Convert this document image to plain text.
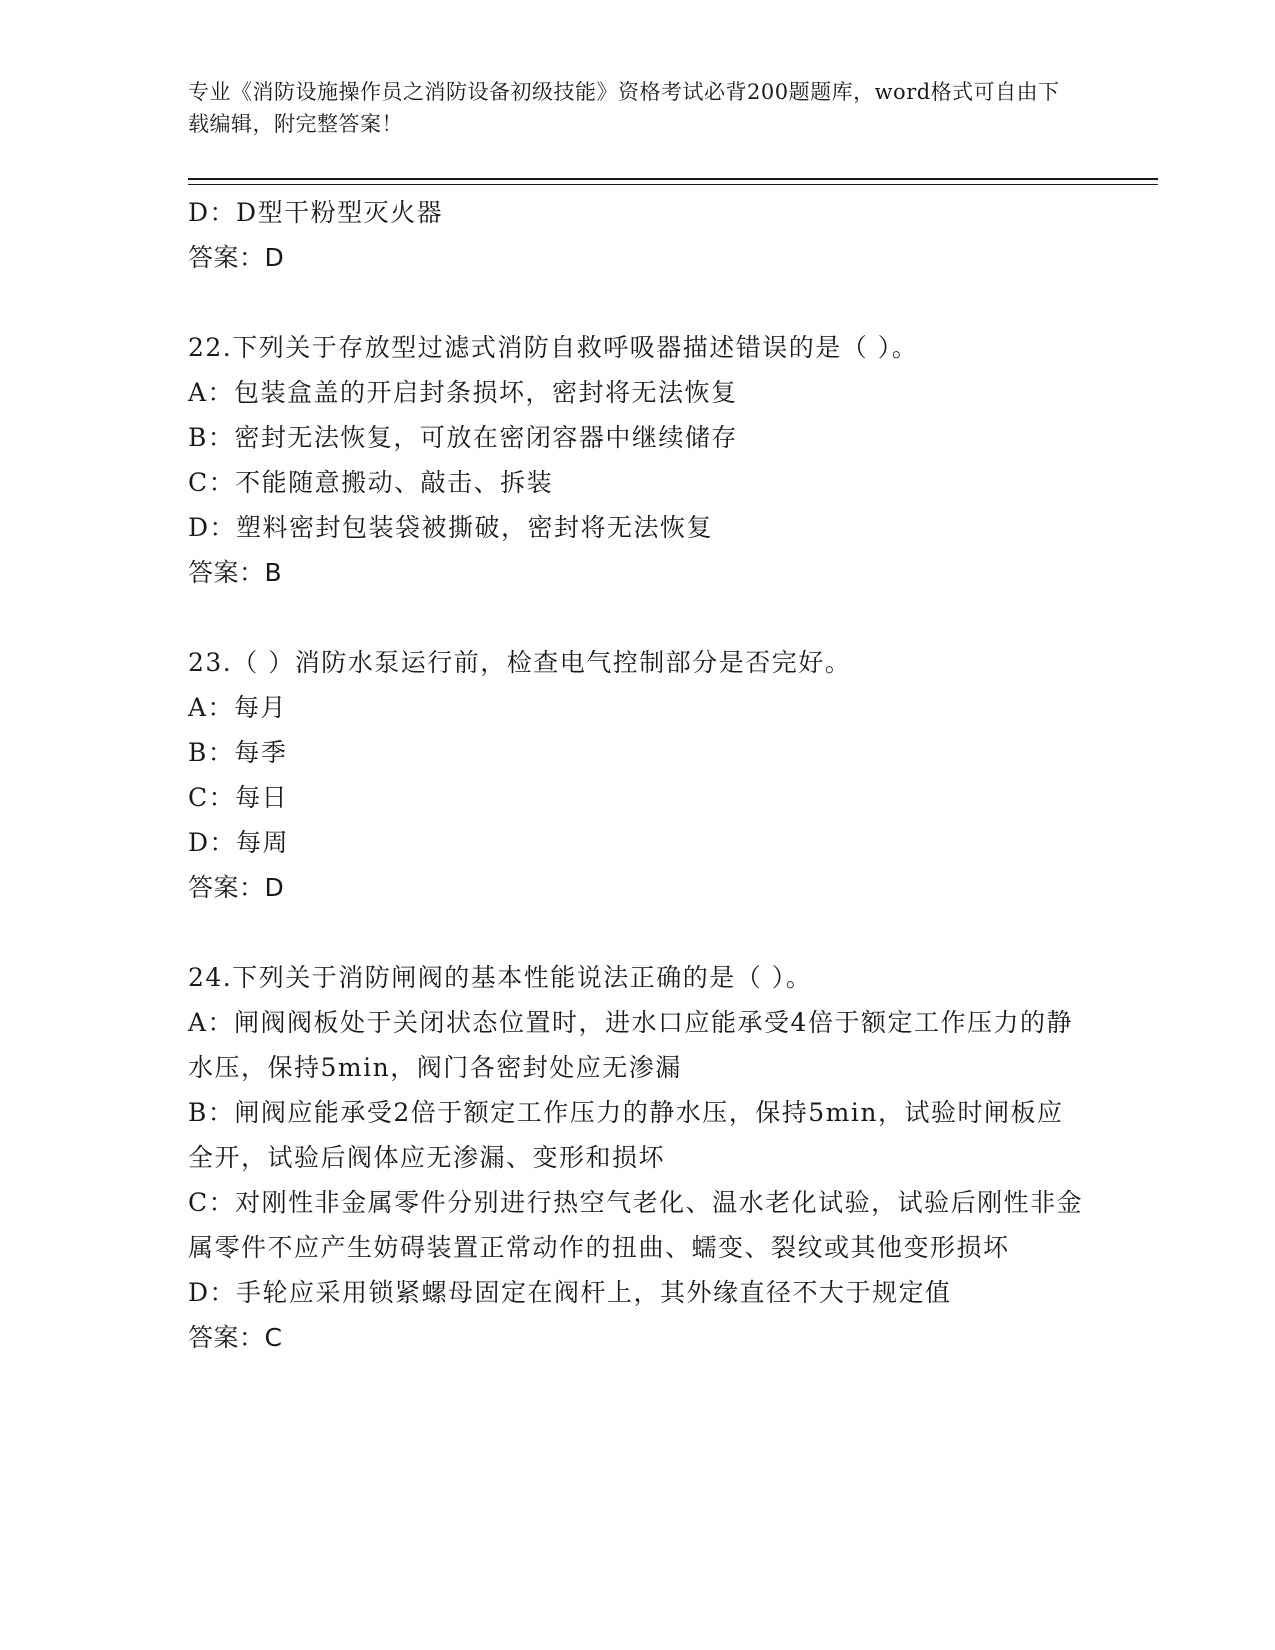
专业《消防设施操作员之消防设备初级技能》资格考试必背200题题库，word格式可自由下载编辑，附完整答案！
D：D型干粉型灭火器
答案：D
22.下列关于存放型过滤式消防自救呼吸器描述错误的是（ ）。
A：包装盒盖的开启封条损坏，密封将无法恢复
B：密封无法恢复，可放在密闭容器中继续储存
C：不能随意搬动、敲击、拆装
D：塑料密封包装袋被撕破，密封将无法恢复
答案：B
23.（ ）消防水泵运行前，检查电气控制部分是否完好。
A：每月
B：每季
C：每日
D：每周
答案：D
24.下列关于消防闸阀的基本性能说法正确的是（ ）。
A：闸阀阀板处于关闭状态位置时，进水口应能承受4倍于额定工作压力的静水压，保持5min，阀门各密封处应无渗漏
B：闸阀应能承受2倍于额定工作压力的静水压，保持5min，试验时闸板应全开，试验后阀体应无渗漏、变形和损坏
C：对刚性非金属零件分别进行热空气老化、温水老化试验，试验后刚性非金属零件不应产生妨碍装置正常动作的扭曲、蠕变、裂纹或其他变形损坏
D：手轮应采用锁紧螺母固定在阀杆上，其外缘直径不大于规定值
答案：C
